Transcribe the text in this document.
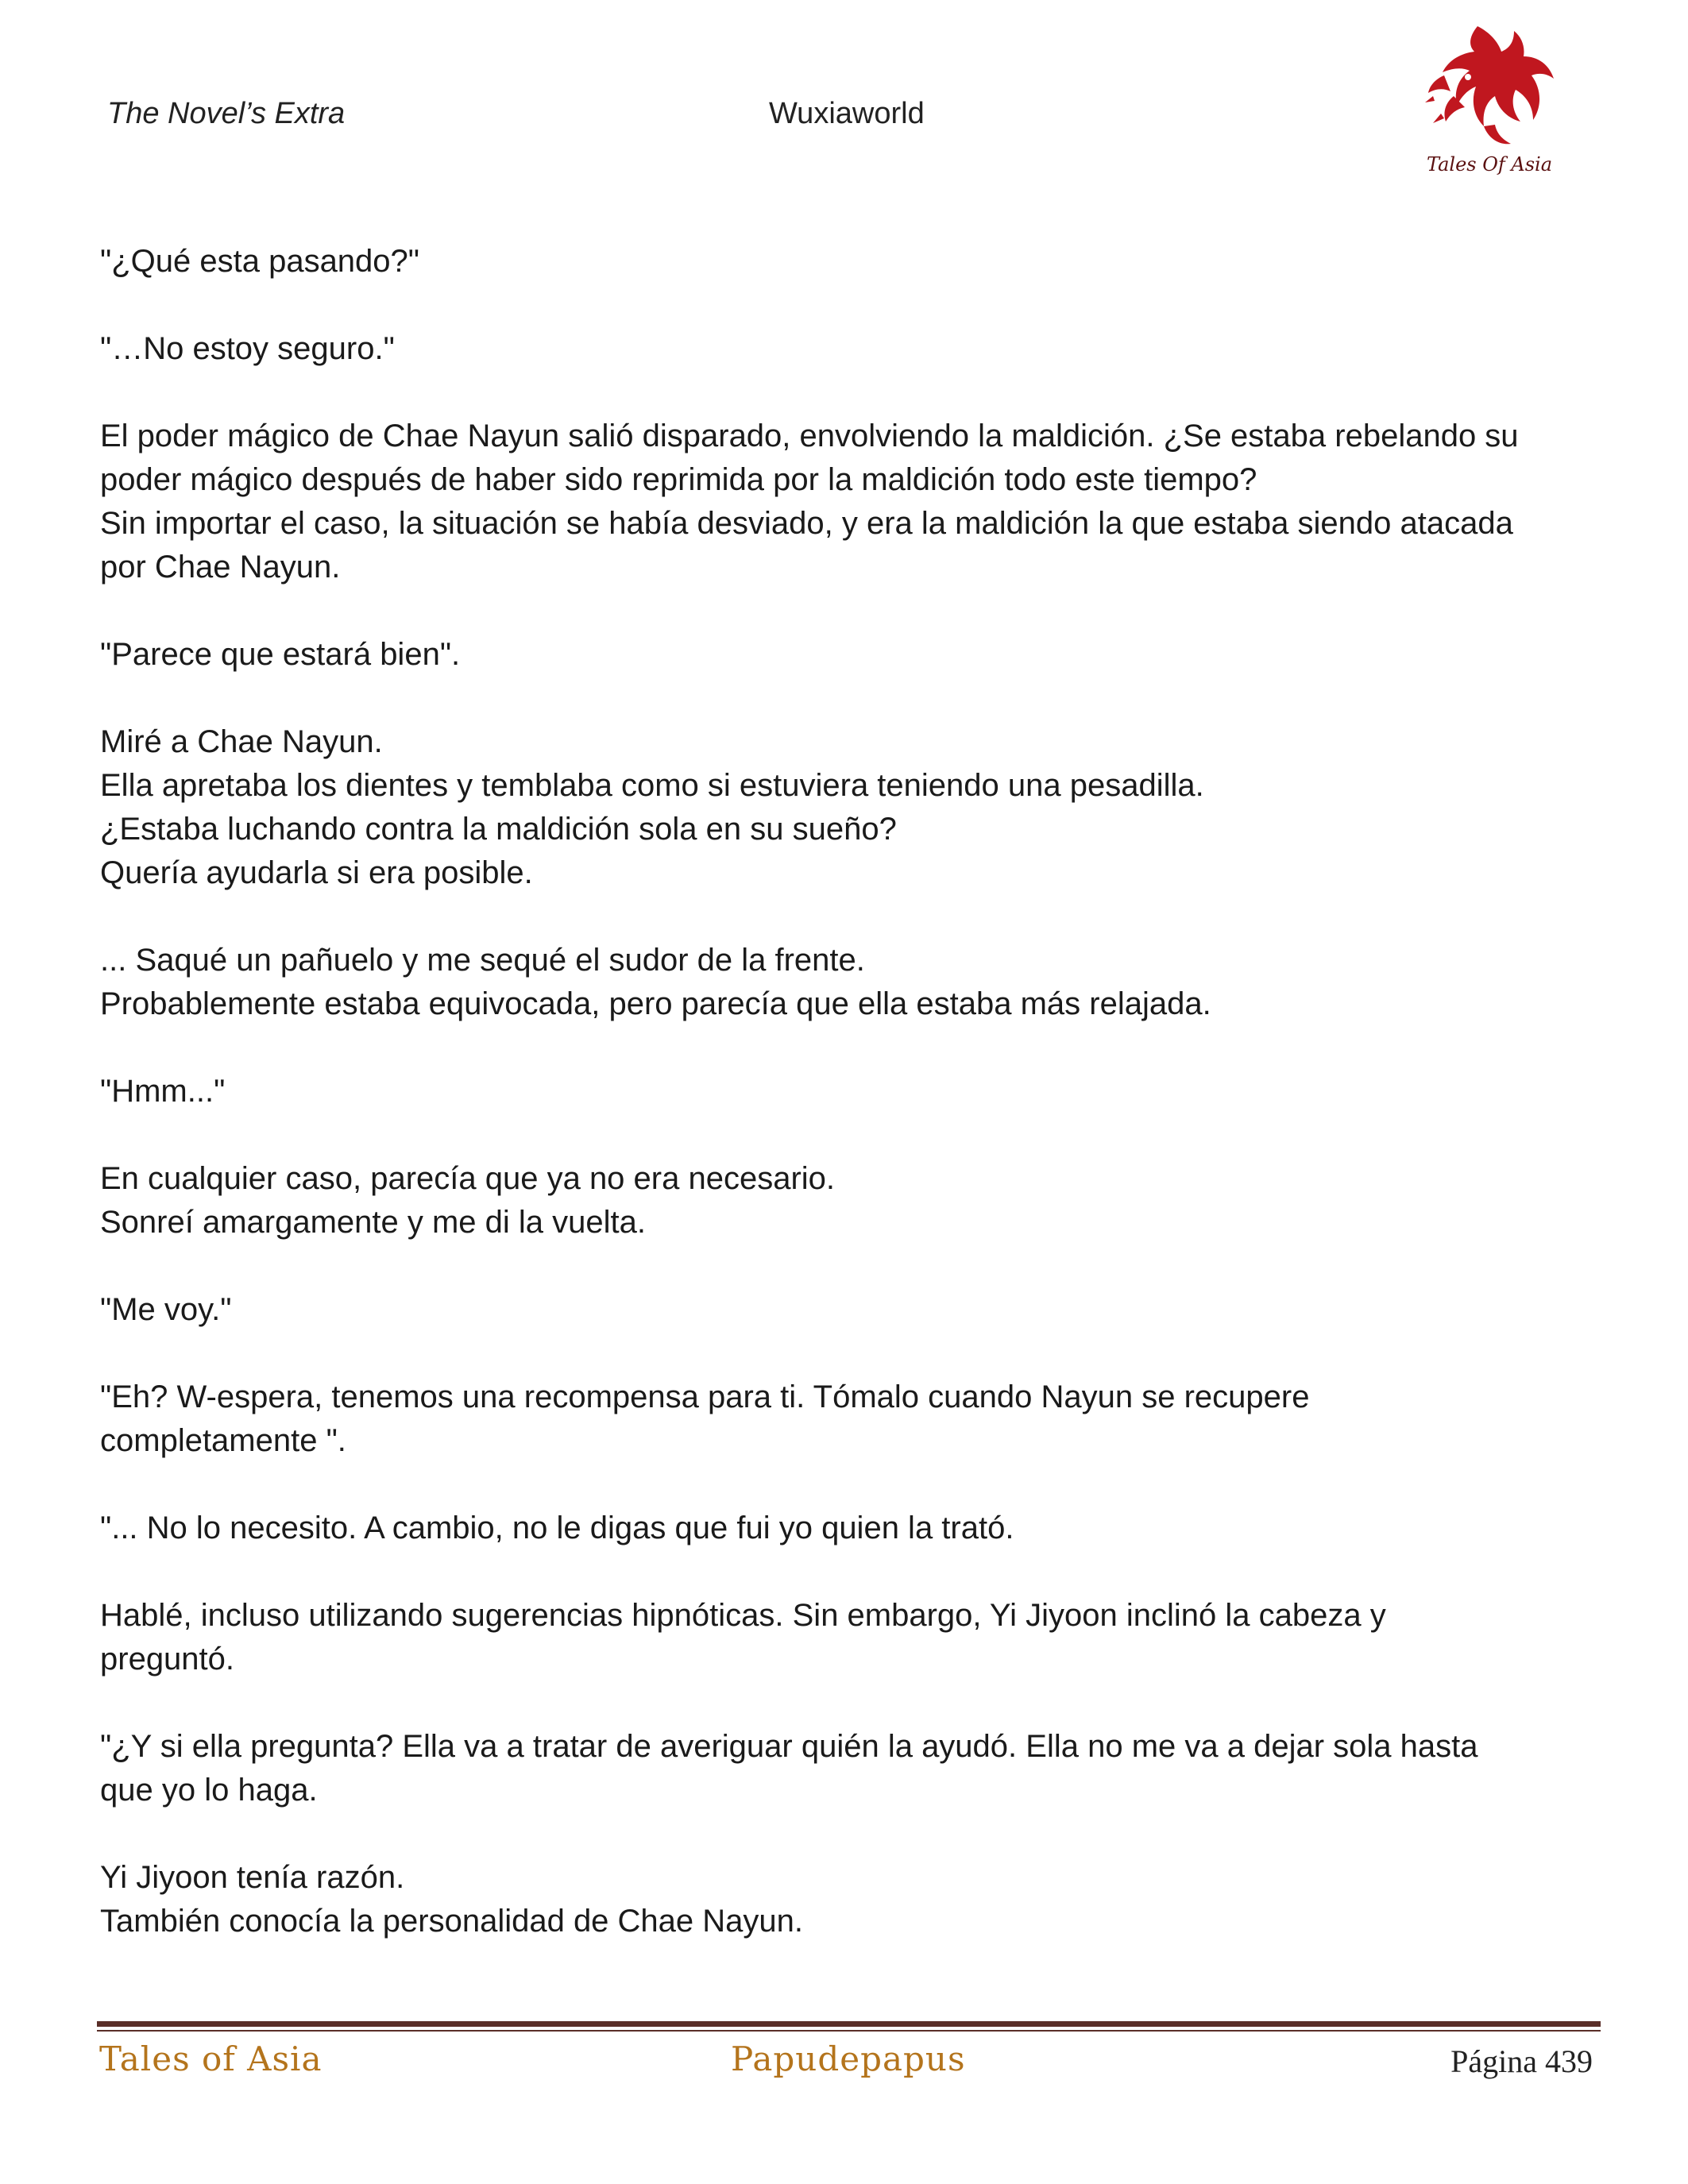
The Novel’s Extra	Wuxiaworld
Tales Of Asia

"¿Qué esta pasando?"

"…No estoy seguro."

El poder mágico de Chae Nayun salió disparado, envolviendo la maldición. ¿Se estaba rebelando su

poder mágico después de haber sido reprimida por la maldición todo este tiempo?

Sin importar el caso, la situación se había desviado, y era la maldición la que estaba siendo atacada

por Chae Nayun.

"Parece que estará bien".

Miré a Chae Nayun.

Ella apretaba los dientes y temblaba como si estuviera teniendo una pesadilla.

¿Estaba luchando contra la maldición sola en su sueño?

Quería ayudarla si era posible.

... Saqué un pañuelo y me sequé el sudor de la frente.

Probablemente estaba equivocada, pero parecía que ella estaba más relajada.

"Hmm..."

En cualquier caso, parecía que ya no era necesario.

Sonreí amargamente y me di la vuelta.

"Me voy."

"Eh? W-espera, tenemos una recompensa para ti. Tómalo cuando Nayun se recupere

completamente ".

"... No lo necesito. A cambio, no le digas que fui yo quien la trató.

Hablé, incluso utilizando sugerencias hipnóticas. Sin embargo, Yi Jiyoon inclinó la cabeza y

preguntó.

"¿Y si ella pregunta? Ella va a tratar de averiguar quién la ayudó. Ella no me va a dejar sola hasta

que yo lo haga.

Yi Jiyoon tenía razón.

También conocía la personalidad de Chae Nayun.

Tales of Asia	Papudepapus	Página 439
